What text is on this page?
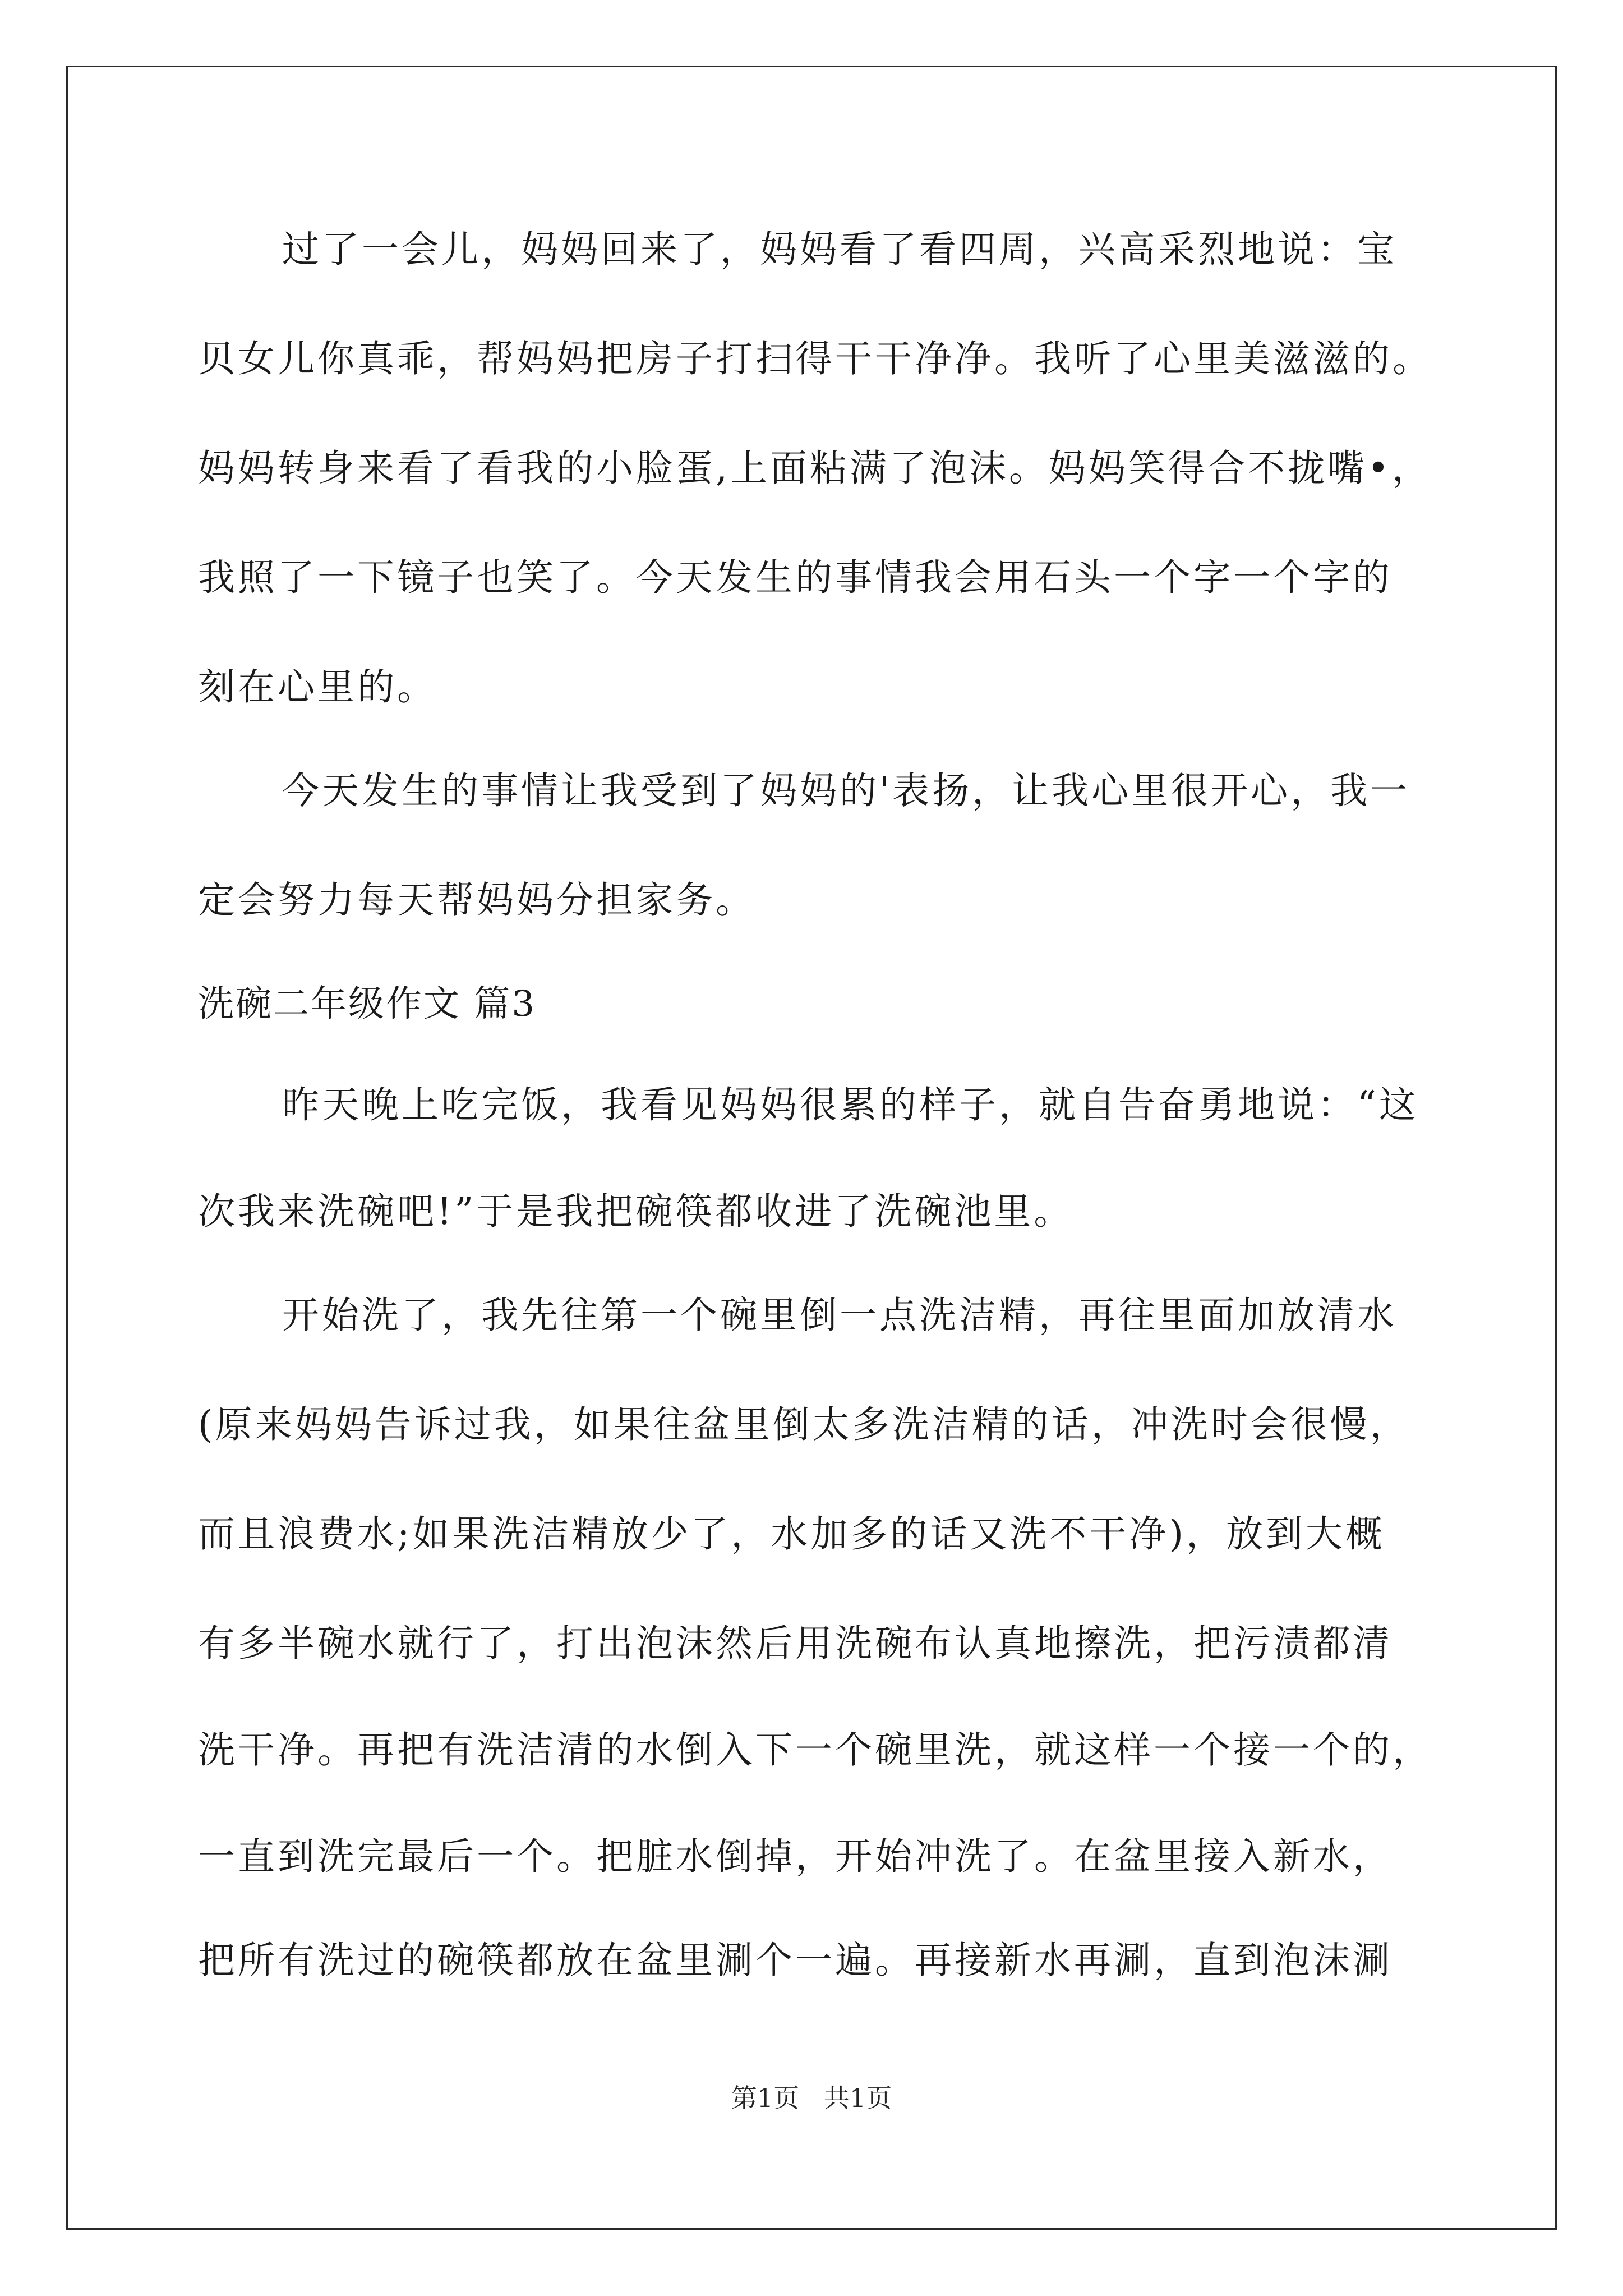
过了一会儿，妈妈回来了，妈妈看了看四周，兴高采烈地说：宝
贝女儿你真乖，帮妈妈把房子打扫得干干净净。我听了心里美滋滋的。
妈妈转身来看了看我的小脸蛋,上面粘满了泡沫。妈妈笑得合不拢嘴•，
我照了一下镜子也笑了。今天发生的事情我会用石头一个字一个字的
刻在心里的。
今天发生的事情让我受到了妈妈的'表扬，让我心里很开心，我一
定会努力每天帮妈妈分担家务。
洗碗二年级作文 篇3
昨天晚上吃完饭，我看见妈妈很累的样子，就自告奋勇地说：“这
次我来洗碗吧!”于是我把碗筷都收进了洗碗池里。
开始洗了，我先往第一个碗里倒一点洗洁精，再往里面加放清水
(原来妈妈告诉过我，如果往盆里倒太多洗洁精的话，冲洗时会很慢，
而且浪费水;如果洗洁精放少了，水加多的话又洗不干净)，放到大概
有多半碗水就行了，打出泡沫然后用洗碗布认真地擦洗，把污渍都清
洗干净。再把有洗洁清的水倒入下一个碗里洗，就这样一个接一个的，
一直到洗完最后一个。把脏水倒掉，开始冲洗了。在盆里接入新水，
把所有洗过的碗筷都放在盆里涮个一遍。再接新水再涮，直到泡沫涮
第1页   共1页
